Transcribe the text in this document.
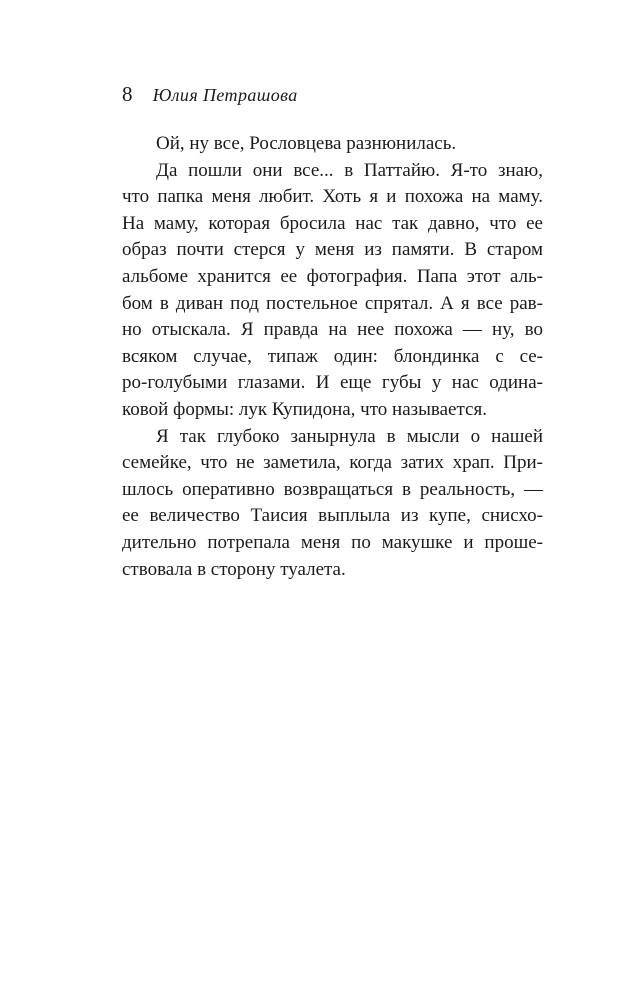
8 Юлия Петрашова
Ой, ну все, Рословцева разнюнилась.
Да пошли они все... в Паттайю. Я-то знаю,
что папка меня любит. Хоть я и похожа на маму.
На маму, которая бросила нас так давно, что ее
образ почти стерся у меня из памяти. В старом
альбоме хранится ее фотография. Папа этот аль-
бом в диван под постельное спрятал. А я все рав-
но отыскала. Я правда на нее похожа — ну, во
всяком случае, типаж один: блондинка с се-
ро-голубыми глазами. И еще губы у нас одина-
ковой формы: лук Купидона, что называется.
Я так глубоко занырнула в мысли о нашей
семейке, что не заметила, когда затих храп. При-
шлось оперативно возвращаться в реальность, —
ее величество Таисия выплыла из купе, снисхо-
дительно потрепала меня по макушке и проше-
ствовала в сторону туалета.
